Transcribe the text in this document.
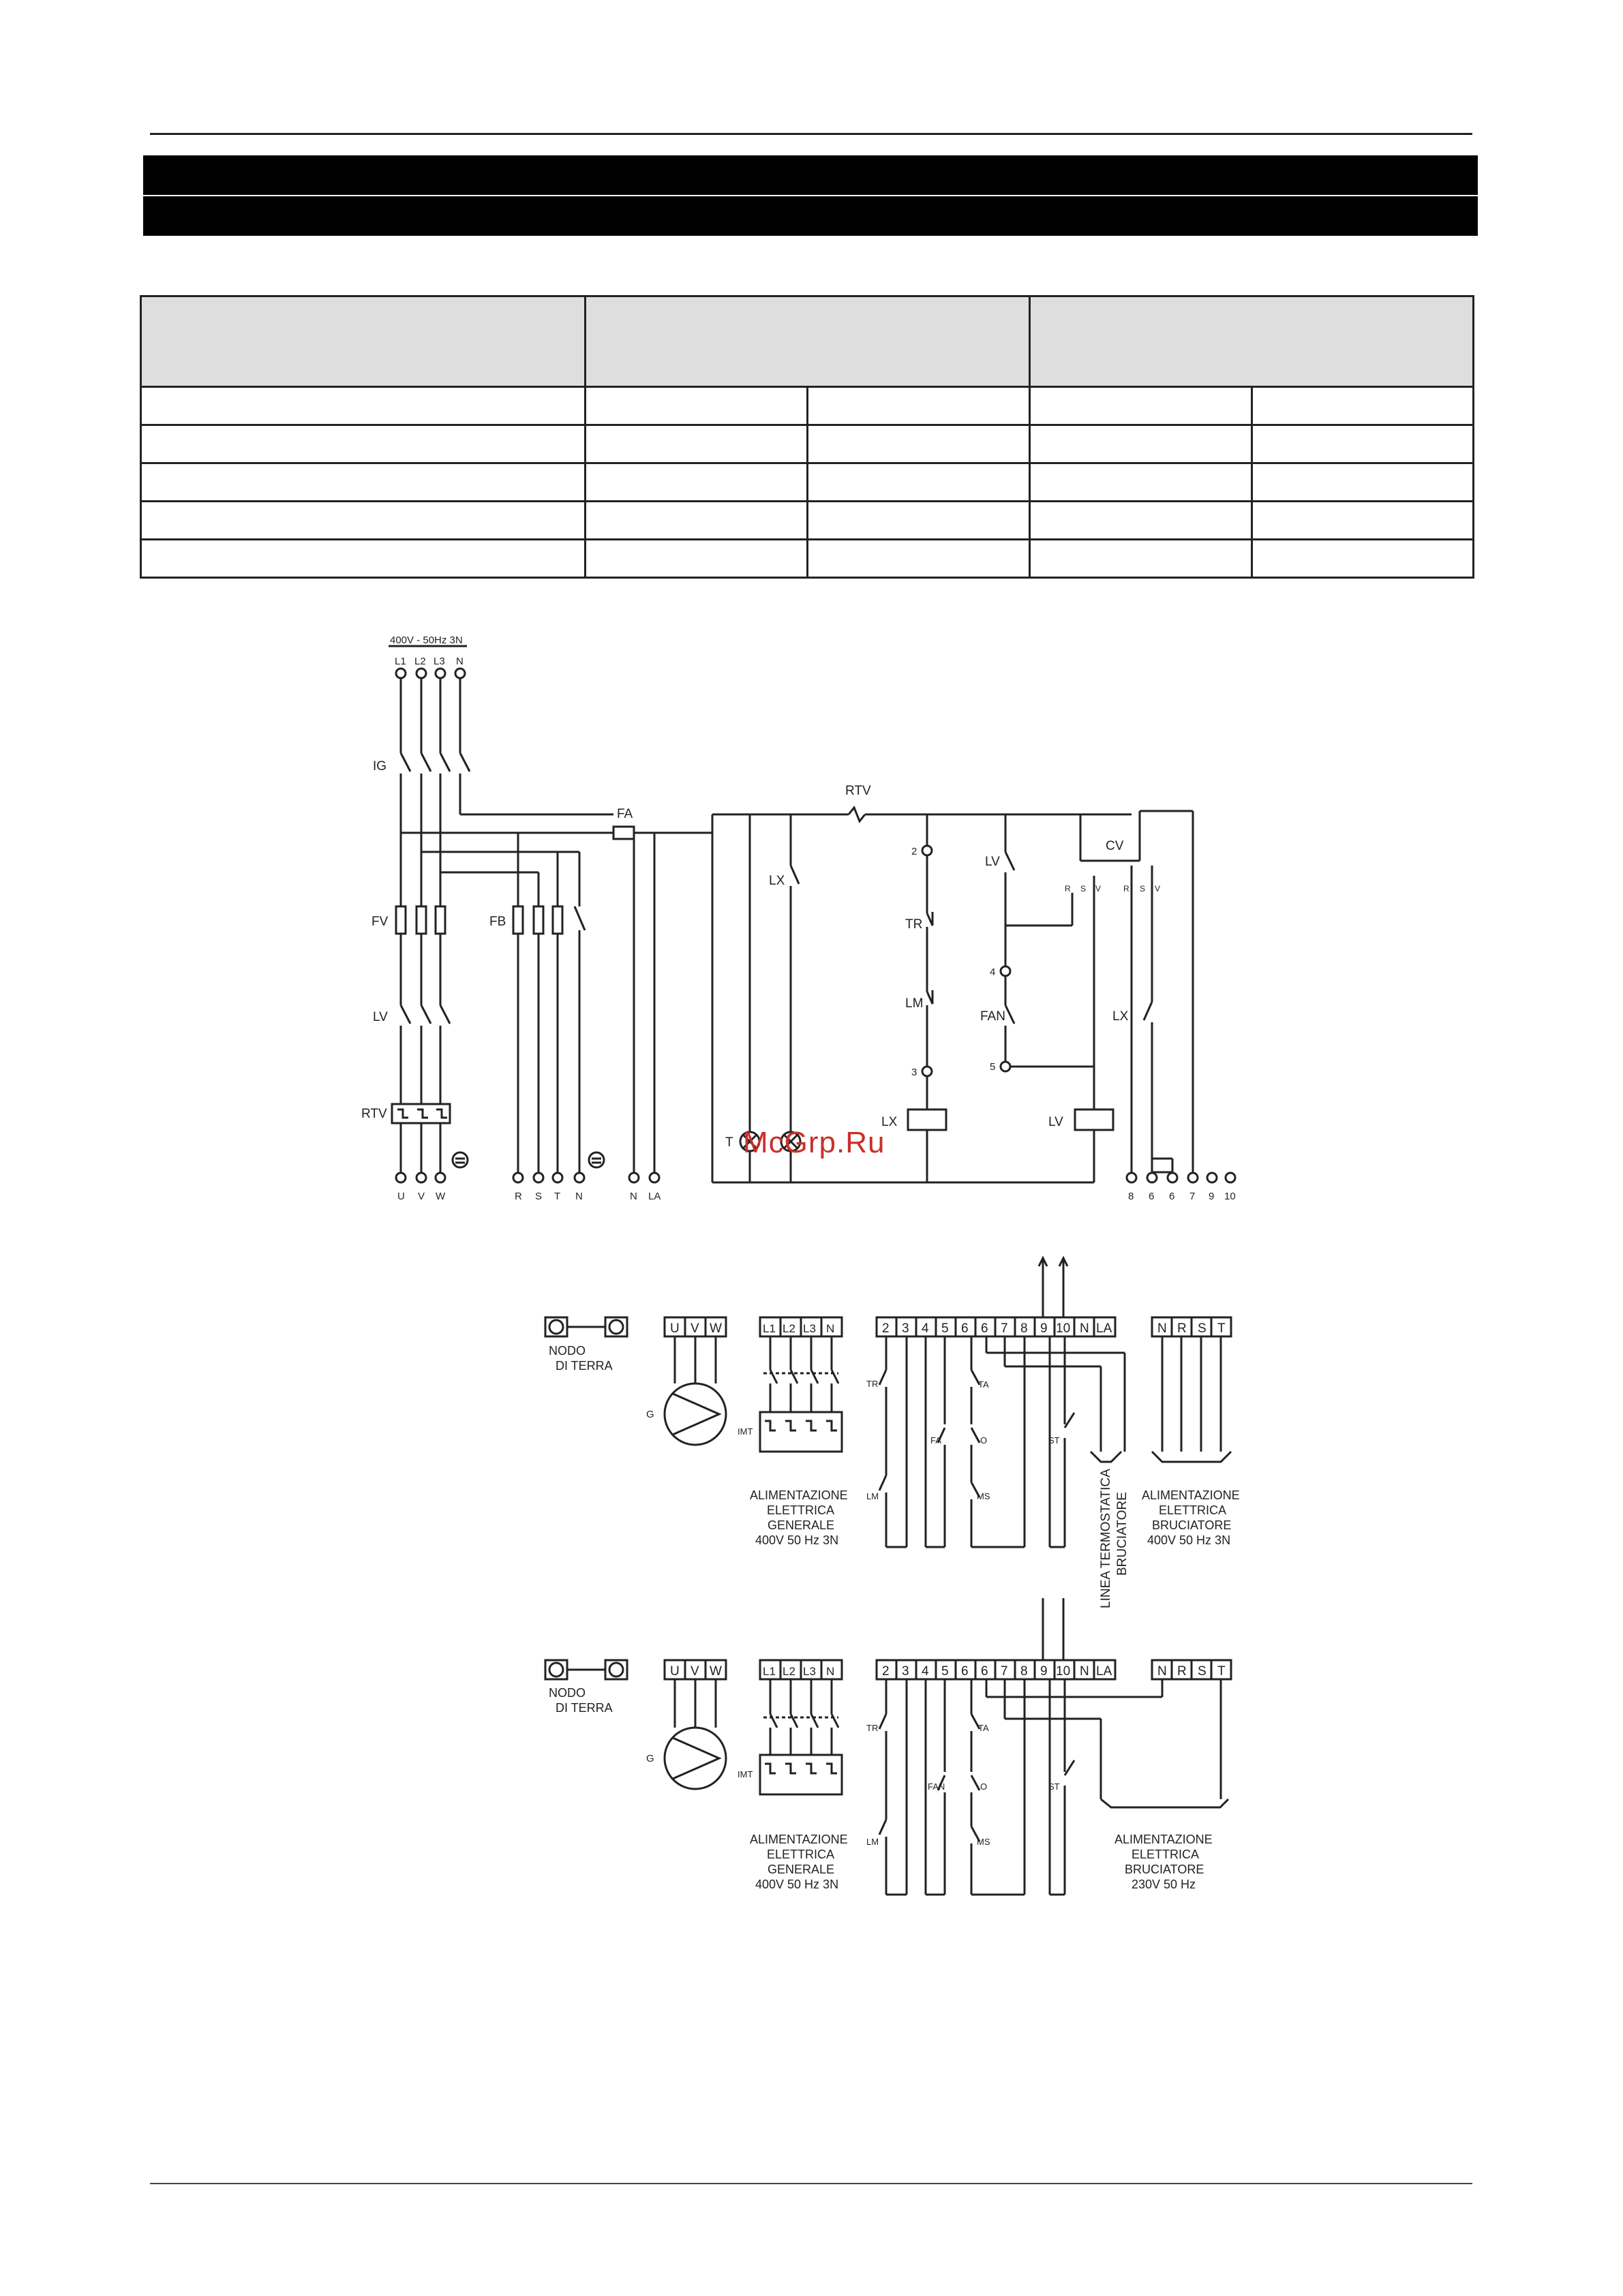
400V - 50Hz 3N
L1 L2 L3 N
IG
FA
FV	FB
LV
RTV
RTV
LX
TR
LM
LV
FAN
CV
LX
LX	LV
T
2
3
4
5
R S V	R S V
U V W	R S T N	N LA	8 6 6 7 9 10
NODO
DI TERRA
U V W
G
L1 L2 L3 N
IMT
ALIMENTAZIONE
ELETTRICA
GENERALE
400V 50 Hz 3N
2 3 4 5 6 6 7 8 9 10 N LA
TR
LM
FA
TA
O
MS
ST
LINEA TERMOSTATICA BRUCIATORE
N R S T
ALIMENTAZIONE
ELETTRICA
BRUCIATORE
400V 50 Hz 3N
NODO
DI TERRA
U V W
G
L1 L2 L3 N
IMT
ALIMENTAZIONE
ELETTRICA
GENERALE
400V 50 Hz 3N
2 3 4 5 6 6 7 8 9 10 N LA
TR
LM
FAN
TA
O
MS
ST
N R S T
ALIMENTAZIONE
ELETTRICA
BRUCIATORE
230V 50 Hz
McGrp.Ru
